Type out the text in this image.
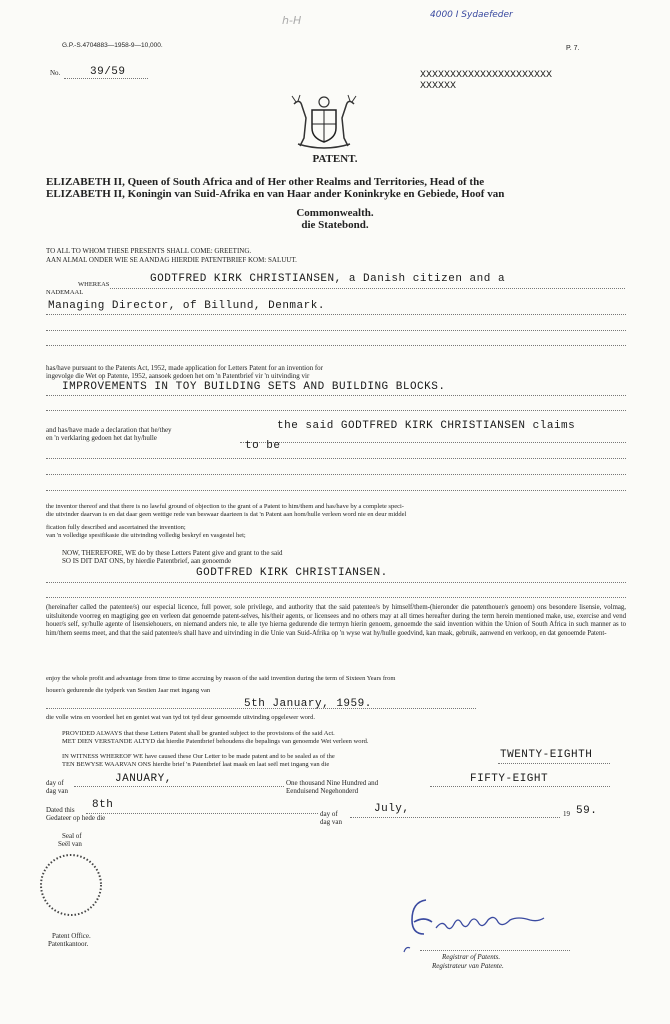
G.P.-S.4704883—1958-9—10,000.	P. 7.
h-H	4000 I Sydaefeder
No.	39/59	XXXXXXXXXXXXXXXXXXXXXX
XXXXXX
PATENT.
ELIZABETH II, Queen of South Africa and of Her other Realms and Territories, Head of the
ELIZABETH II, Koningin van Suid-Afrika en van Haar ander Koninkryke en Gebiede, Hoof van
Commonwealth.
die Statebond.
TO ALL TO WHOM THESE PRESENTS SHALL COME: GREETING.
AAN ALMAL ONDER WIE SE AANDAG HIERDIE PATENTBRIEF KOM: SALUUT.
WHEREAS
NADEMAAL
GODTFRED KIRK CHRISTIANSEN, a Danish citizen and a
Managing Director, of Billund, Denmark.
has/have pursuant to the Patents Act, 1952, made application for Letters Patent for an invention for
ingevolge die Wet op Patente, 1952, aansoek gedoen het om 'n Patentbrief vir 'n uitvinding vir
IMPROVEMENTS IN TOY BUILDING SETS AND BUILDING BLOCKS.
and has/have made a declaration that he/they
en 'n verklaring gedoen het dat hy/hulle
the said GODTFRED KIRK CHRISTIANSEN claims
to be
the inventor thereof and that there is no lawful ground of objection to the grant of a Patent to him/them and has/have by a complete speci-
die uitvinder daarvan is en dat daar geen wettige rede van beswaar daarteen is dat 'n Patent aan hom/hulle verleen word nie en deur middel
fication fully described and ascertained the invention;
van 'n volledige spesifikasie die uitvinding volledig beskryf en vasgestel het;
NOW, THEREFORE, WE do by these Letters Patent give and grant to the said
SO IS DIT DAT ONS, by hierdie Patentbrief, aan genoemde
GODTFRED KIRK CHRISTIANSEN.
(hereinafter called the patentee/s) our especial licence, full power, sole privilege, and authority that the said patentee/s by himself/them-(hieronder die patenthouer/s genoem) ons besondere lisensie, volmag, uitsluitende voorreg en magtiging gee en verleen dat genoemde patent-selves, his/their agents, or licensees and no others may at all times hereafter during the term herein mentioned make, use, exercise and vend houer/s self, sy/hulle agente of lisensiehouers, en niemand anders nie, te alle tye hierna gedurende die termyn hierin genoem, genoemde the said invention within the Union of South Africa in such manner as to him/them seems meet, and that the said patentee/s shall have and uitvinding in die Unie van Suid-Afrika op 'n wyse wat hy/hulle goedvind, kan maak, gebruik, aanwend en verkoop, en dat genoemde Patent-
enjoy the whole profit and advantage from time to time accruing by reason of the said invention during the term of Sixteen Years from
houer/s gedurende die tydperk van Sestien Jaar met ingang van
5th January, 1959.
die volle wins en voordeel het en geniet wat van tyd tot tyd deur genoemde uitvinding opgelewer word.
PROVIDED ALWAYS that these Letters Patent shall be granted subject to the provisions of the said Act.
MET DIEN VERSTANDE ALTYD dat hierdie Patentbrief behoudens die bepalings van genoemde Wet verleen word.
IN WITNESS WHEREOF WE have caused these Our Letter to be made patent and to be sealed as of the
TEN BEWYSE WAARVAN ONS hierdie brief 'n Patentbrief laat maak en laat seël met ingang van die
TWENTY-EIGHTH
day of
dag van
JANUARY,	One thousand Nine Hundred and
Eenduisend Negehonderd
FIFTY-EIGHT
Dated this
Gedateer op hede die
8th
day of
dag van
July,	19 59.
Seal of
Seël van
Patent Office.
Patentkantoor.
Registrar of Patents.
Registrateur van Patente.
